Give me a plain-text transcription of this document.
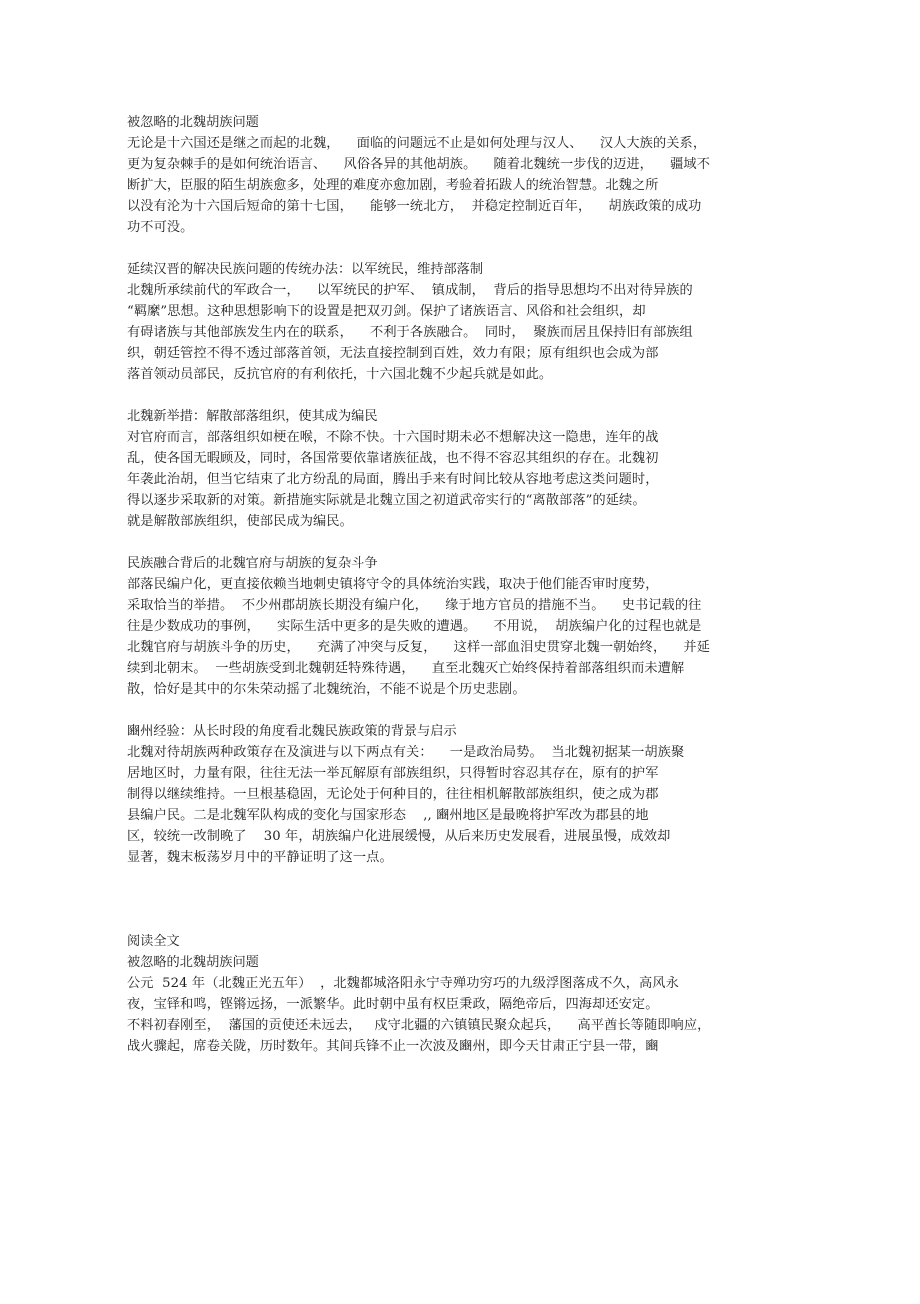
被忽略的北魏胡族问题
无论是十六国还是继之而起的北魏，    面临的问题远不止是如何处理与汉人、    汉人大族的关系，
更为复杂棘手的是如何统治语言、    风俗各异的其他胡族。    随着北魏统一步伐的迈进，    疆域不
断扩大，臣服的陌生胡族愈多，处理的难度亦愈加剧，考验着拓跋人的统治智慧。北魏之所
以没有沦为十六国后短命的第十七国，    能够一统北方，  并稳定控制近百年，    胡族政策的成功
功不可没。
延续汉晋的解决民族问题的传统办法：以军统民，维持部落制
北魏所承续前代的军政合一，    以军统民的护军、  镇成制，  背后的指导思想均不出对待异族的
“羁縻”思想。这种思想影响下的设置是把双刃剑。保护了诸族语言、风俗和社会组织，却
有碍诸族与其他部族发生内在的联系，    不利于各族融合。  同时，  聚族而居且保持旧有部族组
织，朝廷管控不得不透过部落首领，无法直接控制到百姓，效力有限；原有组织也会成为部
落首领动员部民，反抗官府的有利依托，十六国北魏不少起兵就是如此。
北魏新举措：解散部落组织，使其成为编民
对官府而言，部落组织如梗在喉，不除不快。十六国时期未必不想解决这一隐患，连年的战
乱，使各国无暇顾及，同时，各国常要依靠诸族征战，也不得不容忍其组织的存在。北魏初
年袭此治胡，但当它结束了北方纷乱的局面，腾出手来有时间比较从容地考虑这类问题时，
得以逐步采取新的对策。新措施实际就是北魏立国之初道武帝实行的“离散部落”的延续。
就是解散部族组织，使部民成为编民。
民族融合背后的北魏官府与胡族的复杂斗争
部落民编户化，更直接依赖当地刺史镇将守令的具体统治实践，取决于他们能否审时度势，
采取恰当的举措。  不少州郡胡族长期没有编户化，    缘于地方官员的措施不当。    史书记载的往
往是少数成功的事例，    实际生活中更多的是失败的遭遇。    不用说，  胡族编户化的过程也就是
北魏官府与胡族斗争的历史，    充满了冲突与反复，    这样一部血泪史贯穿北魏一朝始终，    并延
续到北朝末。  一些胡族受到北魏朝廷特殊待遇，    直至北魏灭亡始终保持着部落组织而未遭解
散，恰好是其中的尔朱荣动摇了北魏统治，不能不说是个历史悲剧。
豳州经验：从长时段的角度看北魏民族政策的背景与启示
北魏对待胡族两种政策存在及演进与以下两点有关：    一是政治局势。  当北魏初据某一胡族聚
居地区时，力量有限，往往无法一举瓦解原有部族组织，只得暂时容忍其存在，原有的护军
制得以继续维持。一旦根基稳固，无论处于何种目的，往往相机解散部族组织，使之成为郡
县编户民。二是北魏军队构成的变化与国家形态    ,, 豳州地区是最晚将护军改为郡县的地
区，较统一改制晚了    30 年，胡族编户化进展缓慢，从后来历史发展看，进展虽慢，成效却
显著，魏末板荡岁月中的平静证明了这一点。
阅读全文
被忽略的北魏胡族问题
公元  524 年（北魏正光五年）  ，北魏都城洛阳永宁寺殚功穷巧的九级浮图落成不久，高风永
夜，宝铎和鸣，铿锵远扬，一派繁华。此时朝中虽有权臣秉政，隔绝帝后，四海却还安定。
不料初春刚至，  藩国的贡使还未远去，   戍守北疆的六镇镇民聚众起兵，    高平酋长等随即响应，
战火骤起，席卷关陇，历时数年。其间兵锋不止一次波及豳州，即今天甘肃正宁县一带，豳
